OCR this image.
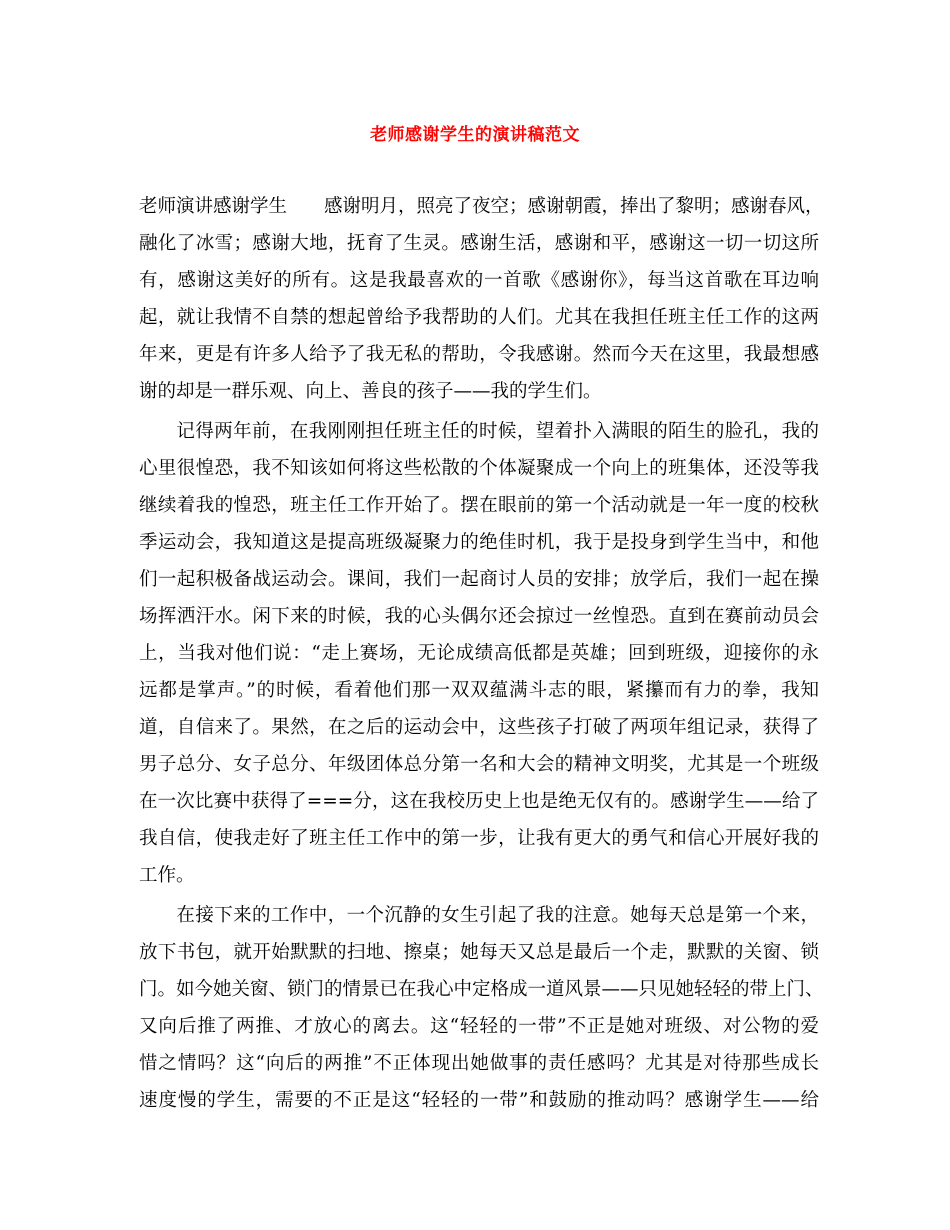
老师感谢学生的演讲稿范文
老师演讲感谢学生 感谢明月，照亮了夜空；感谢朝霞，捧出了黎明；感谢春风，
融化了冰雪；感谢大地，抚育了生灵。感谢生活，感谢和平，感谢这一切一切这所
有，感谢这美好的所有。这是我最喜欢的一首歌《感谢你》，每当这首歌在耳边响
起，就让我情不自禁的想起曾给予我帮助的人们。尤其在我担任班主任工作的这两
年来，更是有许多人给予了我无私的帮助，令我感谢。然而今天在这里，我最想感
谢的却是一群乐观、向上、善良的孩子——我的学生们。
记得两年前，在我刚刚担任班主任的时候，望着扑入满眼的陌生的脸孔，我的
心里很惶恐，我不知该如何将这些松散的个体凝聚成一个向上的班集体，还没等我
继续着我的惶恐，班主任工作开始了。摆在眼前的第一个活动就是一年一度的校秋
季运动会，我知道这是提高班级凝聚力的绝佳时机，我于是投身到学生当中，和他
们一起积极备战运动会。课间，我们一起商讨人员的安排；放学后，我们一起在操
场挥洒汗水。闲下来的时候，我的心头偶尔还会掠过一丝惶恐。直到在赛前动员会
上，当我对他们说：“走上赛场，无论成绩高低都是英雄；回到班级，迎接你的永
远都是掌声。”的时候，看着他们那一双双蕴满斗志的眼，紧攥而有力的拳，我知
道，自信来了。果然，在之后的运动会中，这些孩子打破了两项年组记录，获得了
男子总分、女子总分、年级团体总分第一名和大会的精神文明奖，尤其是一个班级
在一次比赛中获得了===分，这在我校历史上也是绝无仅有的。感谢学生——给了
我自信，使我走好了班主任工作中的第一步，让我有更大的勇气和信心开展好我的
工作。
在接下来的工作中，一个沉静的女生引起了我的注意。她每天总是第一个来，
放下书包，就开始默默的扫地、擦桌；她每天又总是最后一个走，默默的关窗、锁
门。如今她关窗、锁门的情景已在我心中定格成一道风景——只见她轻轻的带上门、
又向后推了两推、才放心的离去。这“轻轻的一带”不正是她对班级、对公物的爱
惜之情吗？这“向后的两推”不正体现出她做事的责任感吗？尤其是对待那些成长
速度慢的学生，需要的不正是这“轻轻的一带”和鼓励的推动吗？感谢学生——给
